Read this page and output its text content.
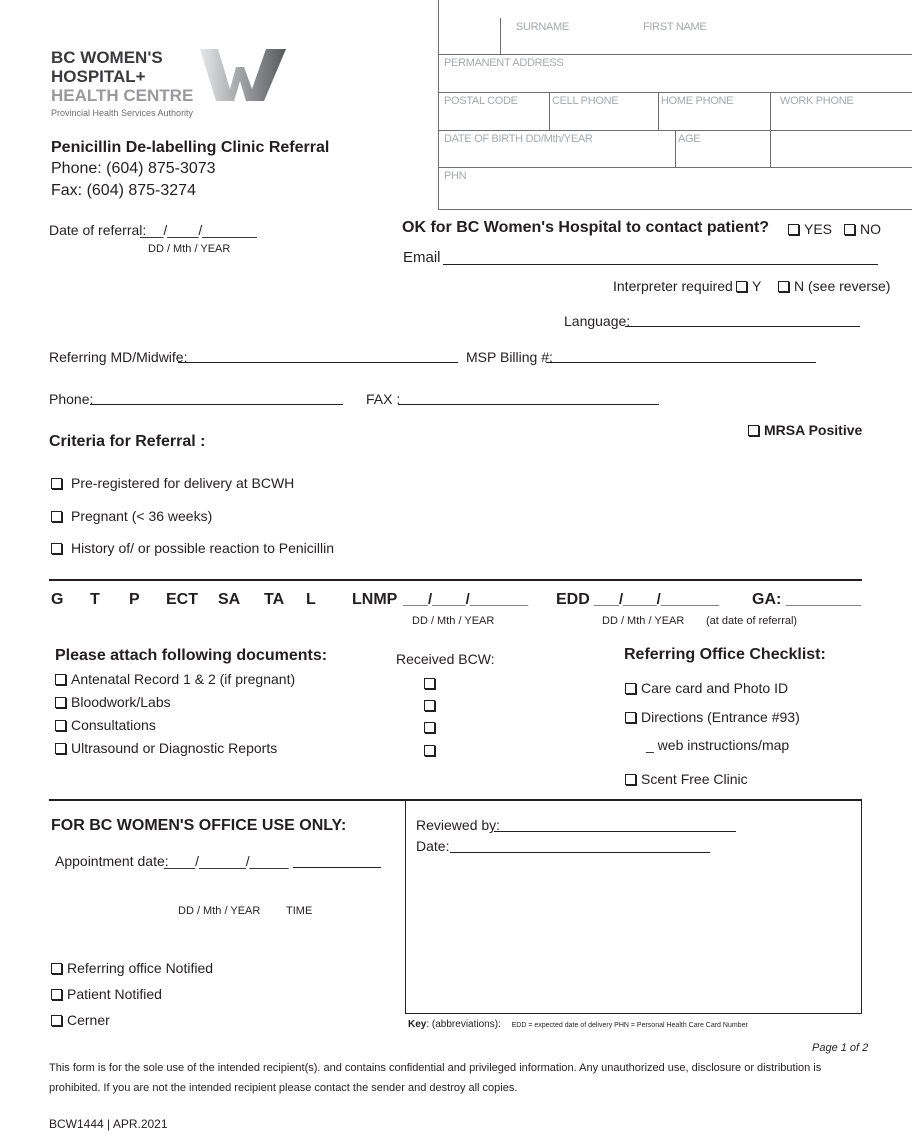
BC WOMEN'S
HOSPITAL+
HEALTH CENTRE
Provincial Health Services Authority
Penicillin De-labelling Clinic Referral
Phone: (604) 875-3073
Fax: (604) 875-3274
SURNAME	FIRST NAME
PERMANENT ADDRESS
POSTAL CODE	CELL PHONE	HOME PHONE	WORK PHONE
DATE OF BIRTH DD/Mth/YEAR	AGE
PHN
Date of referral:
___/____/_______
DD / Mth / YEAR
OK for BC Women's Hospital to contact patient?	YES	NO
Email
Interpreter required	Y	N (see reverse)
Language:
Referring MD/Midwife:	MSP Billing #:
Phone:	FAX :
MRSA Positive
Criteria for Referral :
Pre-registered for delivery at BCWH
Pregnant (< 36 weeks)
History of/ or possible reaction to Penicillin
G T P ECT SA TA L LNMP ___/____/_______
DD / Mth / YEAR
EDD ___/____/_______
DD / Mth / YEAR (at date of referral)
GA: _________
Please attach following documents:
Antenatal Record 1 & 2 (if pregnant)
Bloodwork/Labs
Consultations
Ultrasound or Diagnostic Reports
Received BCW:	Referring Office Checklist:
Care card and Photo ID
Directions (Entrance #93)
_ web instructions/map
Scent Free Clinic
FOR BC WOMEN'S OFFICE USE ONLY:
Appointment date:
____/______/_____
DD / Mth / YEAR TIME
Referring office Notified
Patient Notified
Cerner
Reviewed by:
Date:
Key: (abbreviations): EDD = expected date of delivery PHN = Personal Health Care Card Number
Page 1 of 2
This form is for the sole use of the intended recipient(s). and contains confidential and privileged information. Any unauthorized use, disclosure or distribution is
prohibited. If you are not the intended recipient please contact the sender and destroy all copies.
BCW1444 | APR.2021
